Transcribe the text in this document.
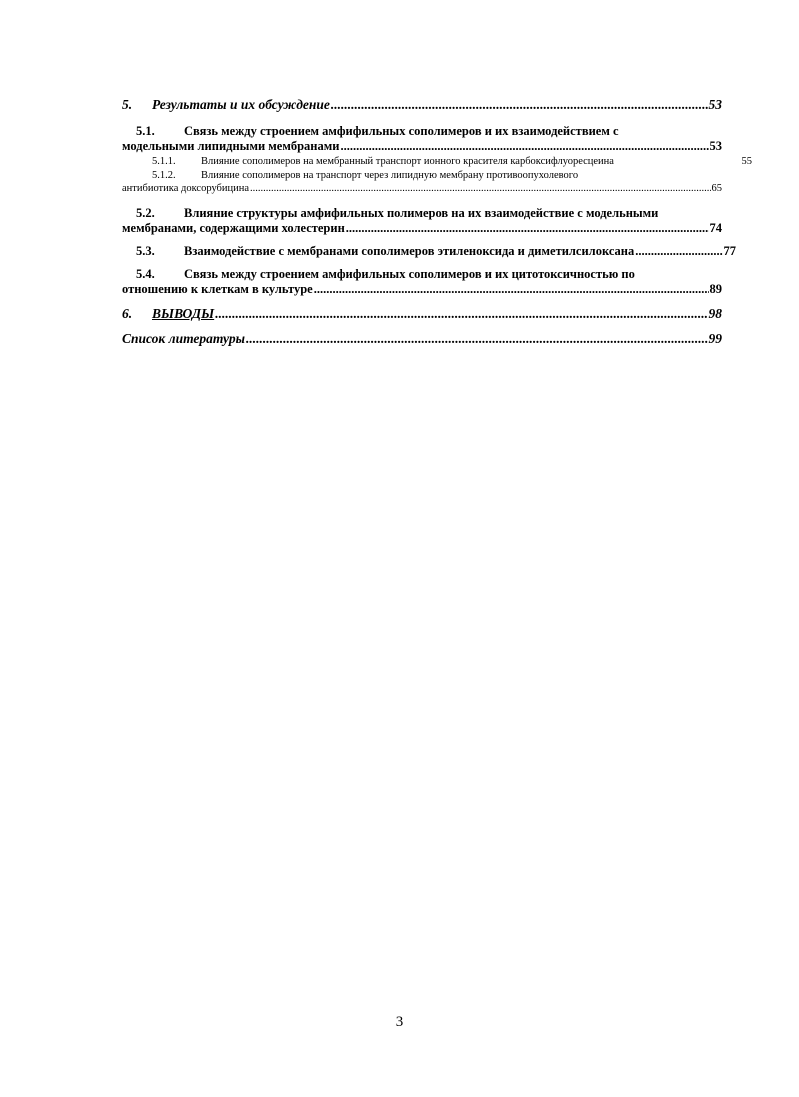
5. Результаты и их обсуждение .....	53
5.1. Связь между строением амфифильных сополимеров и их взаимодействием с
модельными липидными мембранами .....	53
5.1.1. Влияние сополимеров на мембранный транспорт ионного красителя карбоксифлуоресцеина	55
5.1.2. Влияние сополимеров на транспорт через липидную мембрану противоопухолевого
антибиотика доксорубицина .....	65
5.2. Влияние структуры амфифильных полимеров на их взаимодействие с модельными
мембранами, содержащими холестерин .....	74
5.3. Взаимодействие с мембранами сополимеров этиленоксида и диметилсилоксана .....	77
5.4. Связь между строением амфифильных сополимеров и их цитотоксичностью по
отношению к клеткам в культуре .....	89
6. ВЫВОДЫ .....	98
Список литературы .....	99
3
